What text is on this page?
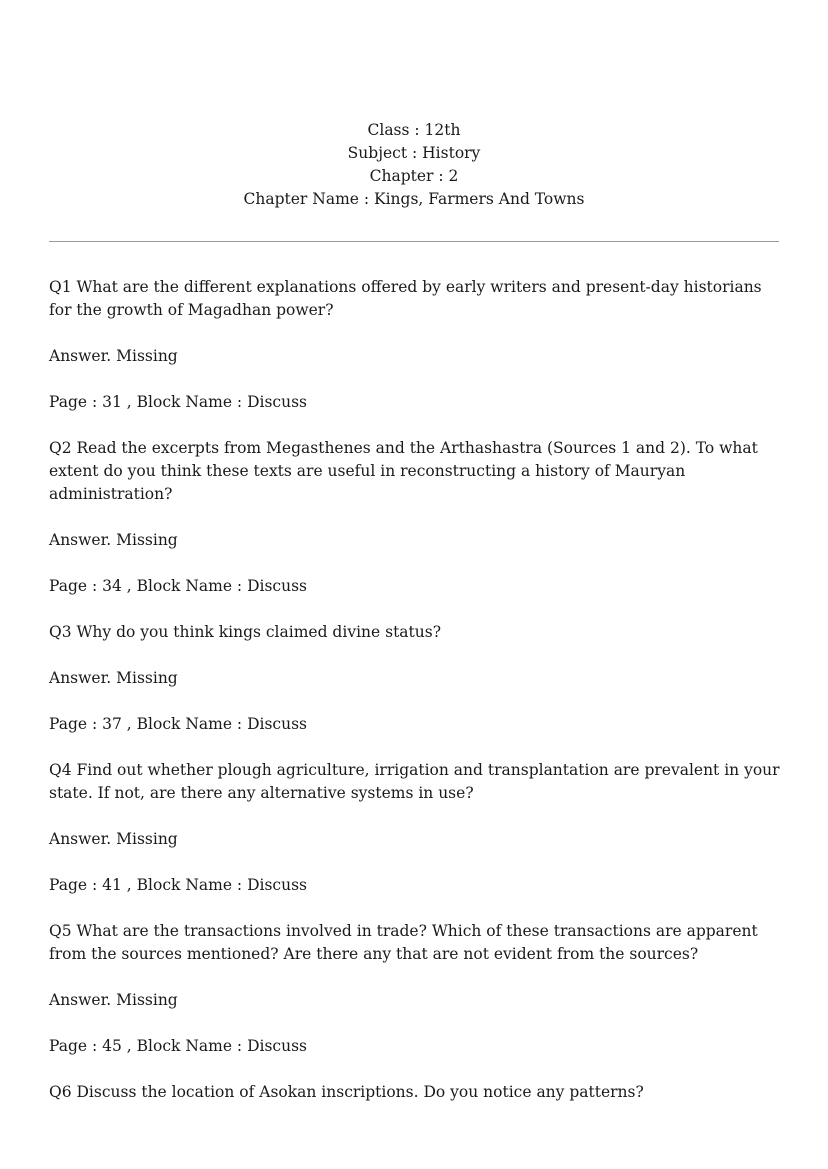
Class : 12th
Subject : History
Chapter : 2
Chapter Name : Kings, Farmers And Towns

Q1 What are the different explanations offered by early writers and present-day historians for the growth of Magadhan power?

Answer. Missing

Page : 31 , Block Name : Discuss

Q2 Read the excerpts from Megasthenes and the Arthashastra (Sources 1 and 2). To what extent do you think these texts are useful in reconstructing a history of Mauryan administration?

Answer. Missing

Page : 34 , Block Name : Discuss

Q3 Why do you think kings claimed divine status?

Answer. Missing

Page : 37 , Block Name : Discuss

Q4 Find out whether plough agriculture, irrigation and transplantation are prevalent in your state. If not, are there any alternative systems in use?

Answer. Missing

Page : 41 , Block Name : Discuss

Q5 What are the transactions involved in trade? Which of these transactions are apparent from the sources mentioned? Are there any that are not evident from the sources?

Answer. Missing

Page : 45 , Block Name : Discuss

Q6 Discuss the location of Asokan inscriptions. Do you notice any patterns?
